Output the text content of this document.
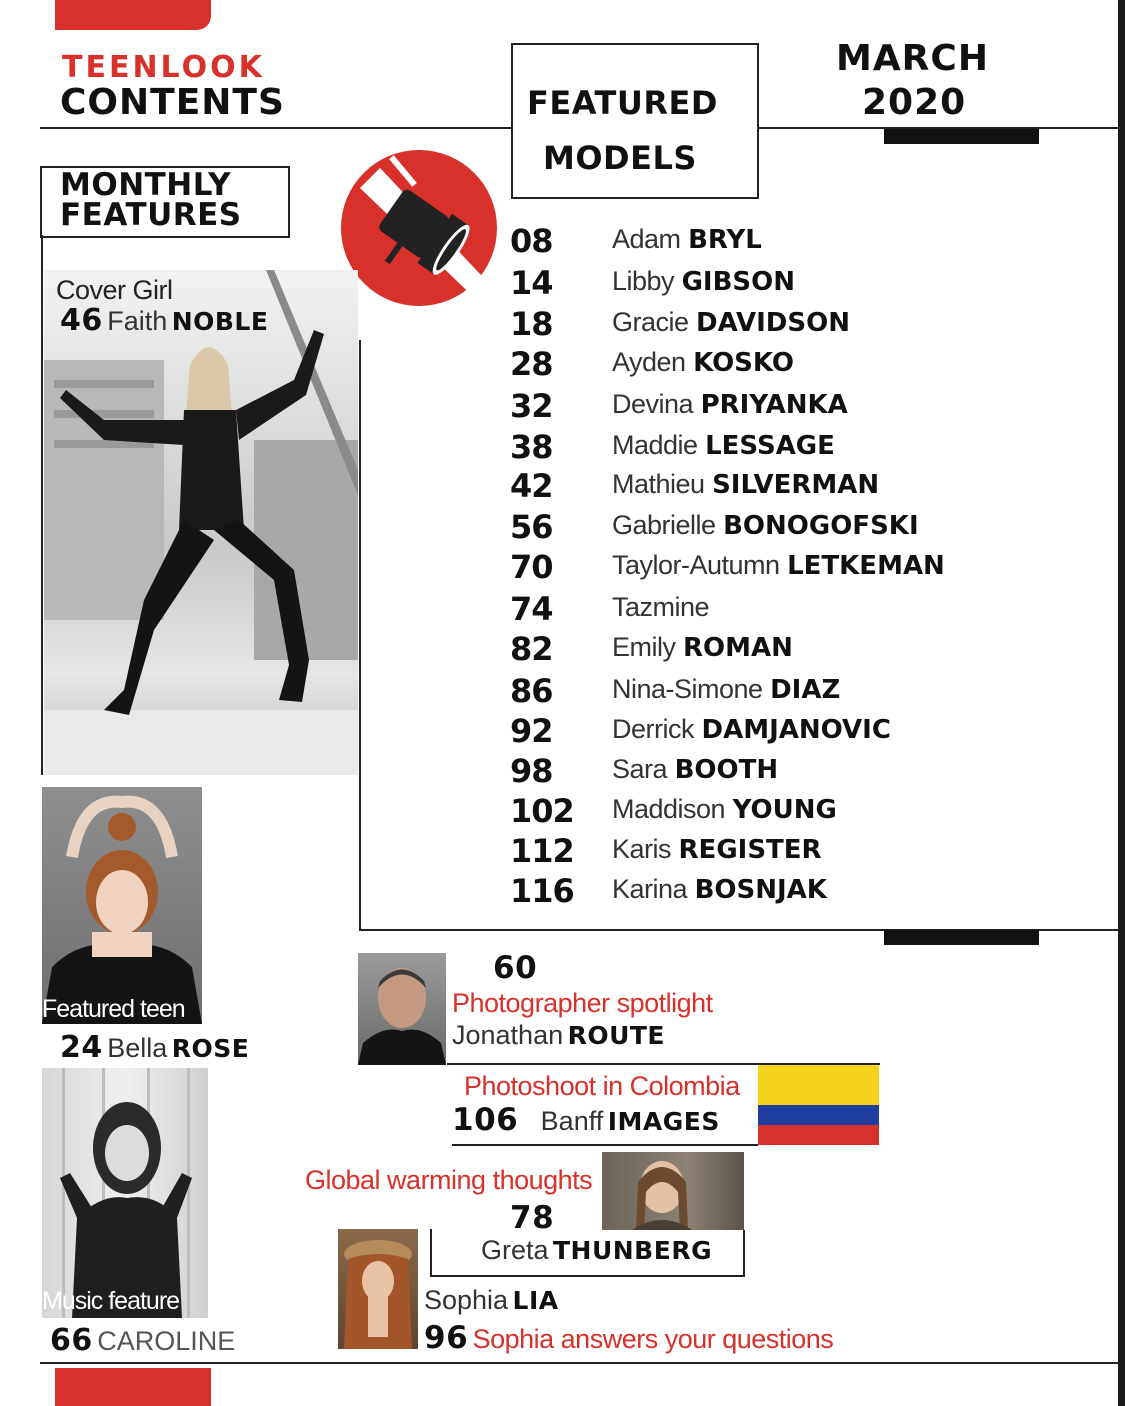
TEENLOOK
CONTENTS
MARCH
2020
FEATURED
MODELS
MONTHLY
FEATURES
Cover Girl
46 Faith NOBLE
08 Adam BRYL
14 Libby GIBSON
18 Gracie DAVIDSON
28 Ayden KOSKO
32 Devina PRIYANKA
38 Maddie LESSAGE
42 Mathieu SILVERMAN
56 Gabrielle BONOGOFSKI
70 Taylor-Autumn LETKEMAN
74 Tazmine
82 Emily ROMAN
86 Nina-Simone DIAZ
92 Derrick DAMJANOVIC
98 Sara BOOTH
102 Maddison YOUNG
112 Karis REGISTER
116 Karina BOSNJAK
Featured teen
24 Bella ROSE
Music feature
66 CAROLINE
60
Photographer spotlight
Jonathan ROUTE
Photoshoot in Colombia
106 Banff IMAGES
Global warming thoughts
78
Greta THUNBERG
Sophia LIA
96 Sophia answers your questions
